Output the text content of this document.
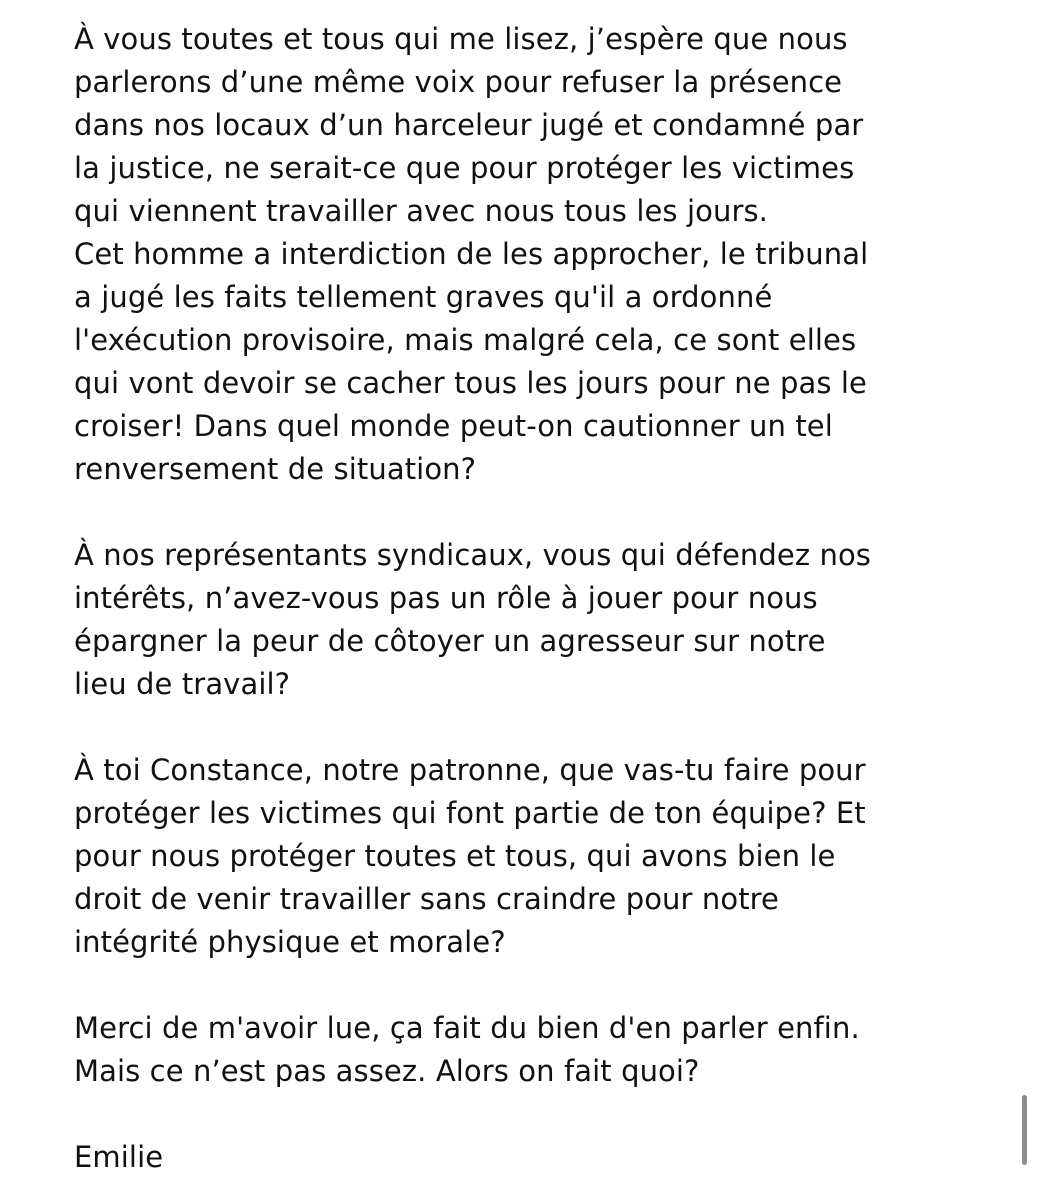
À vous toutes et tous qui me lisez, j’espère que nous
parlerons d’une même voix pour refuser la présence
dans nos locaux d’un harceleur jugé et condamné par
la justice, ne serait-ce que pour protéger les victimes
qui viennent travailler avec nous tous les jours.
Cet homme a interdiction de les approcher, le tribunal
a jugé les faits tellement graves qu'il a ordonné
l'exécution provisoire, mais malgré cela, ce sont elles
qui vont devoir se cacher tous les jours pour ne pas le
croiser! Dans quel monde peut-on cautionner un tel
renversement de situation?
À nos représentants syndicaux, vous qui défendez nos
intérêts, n’avez-vous pas un rôle à jouer pour nous
épargner la peur de côtoyer un agresseur sur notre
lieu de travail?
À toi Constance, notre patronne, que vas-tu faire pour
protéger les victimes qui font partie de ton équipe? Et
pour nous protéger toutes et tous, qui avons bien le
droit de venir travailler sans craindre pour notre
intégrité physique et morale?
Merci de m'avoir lue, ça fait du bien d'en parler enfin.
Mais ce n’est pas assez. Alors on fait quoi?
Emilie
